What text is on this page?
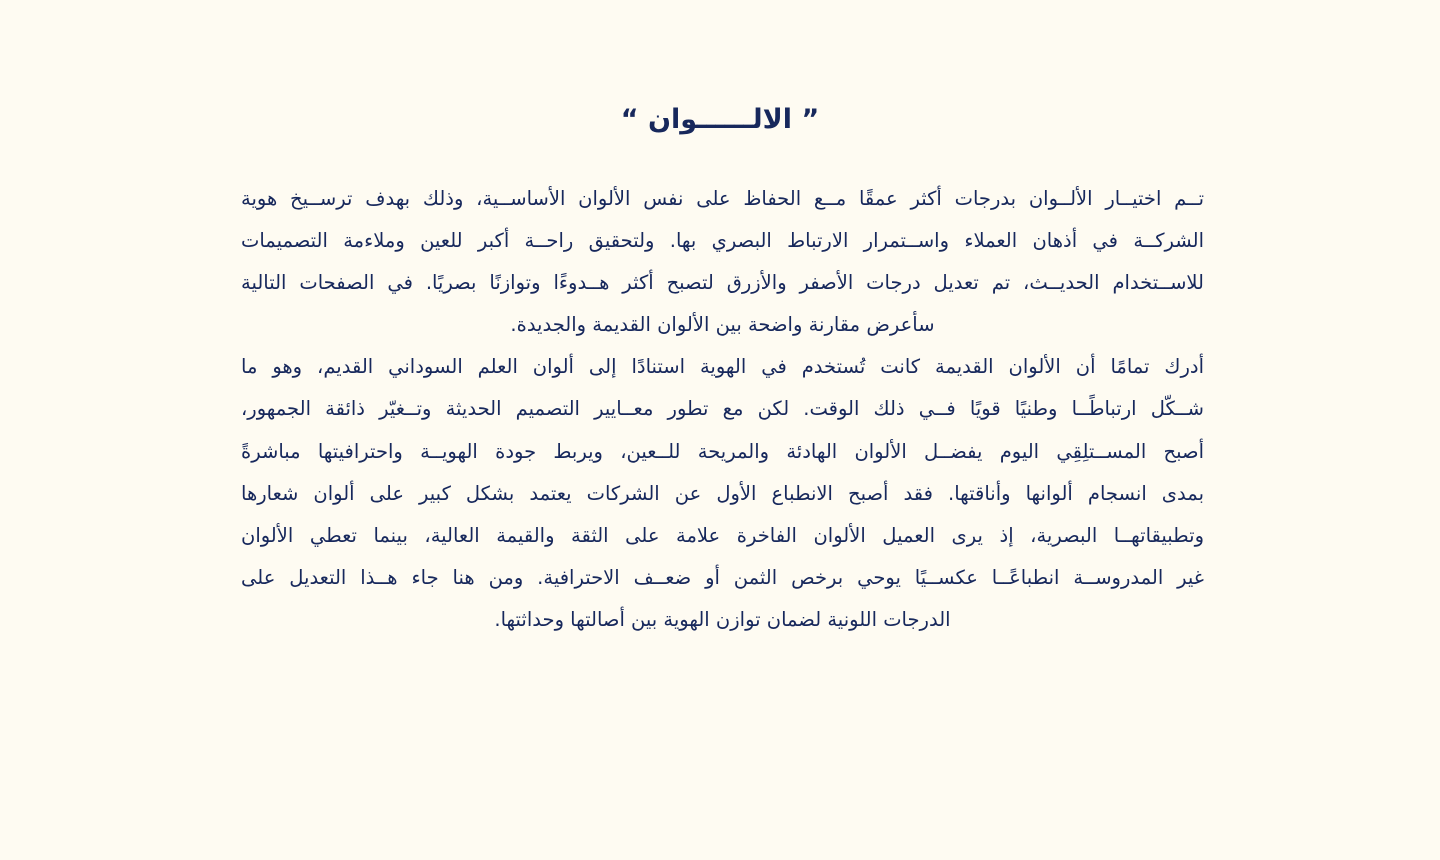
” الالــــــوان “
تــم اختيــار الألــوان بدرجات أكثر عمقًا مــع الحفاظ على نفس الألوان الأساســية، وذلك بهدف ترســيخ هوية
الشركــة في أذهان العملاء واســتمرار الارتباط البصري بها. ولتحقيق راحــة أكبر للعين وملاءمة التصميمات
للاســتخدام الحديــث، تم تعديل درجات الأصفر والأزرق لتصبح أكثر هــدوءًا وتوازنًا بصريًا. في الصفحات التالية
سأعرض مقارنة واضحة بين الألوان القديمة والجديدة.
أدرك تمامًا أن الألوان القديمة كانت تُستخدم في الهوية استنادًا إلى ألوان العلم السوداني القديم، وهو ما
شــكّل ارتباطًــا وطنيًا قويًا فــي ذلك الوقت. لكن مع تطور معــايير التصميم الحديثة وتــغيّر ذائقة الجمهور،
أصبح المســتلِقِي اليوم يفضــل الألوان الهادئة والمريحة للــعين، ويربط جودة الهويــة واحترافيتها مباشرةً
بمدى انسجام ألوانها وأناقتها. فقد أصبح الانطباع الأول عن الشركات يعتمد بشكل كبير على ألوان شعارها
وتطبيقاتهــا البصرية، إذ يرى العميل الألوان الفاخرة علامة على الثقة والقيمة العالية، بينما تعطي الألوان
غير المدروســة انطباعًــا عكســيًا يوحي برخص الثمن أو ضعــف الاحترافية. ومن هنا جاء هــذا التعديل على
الدرجات اللونية لضمان توازن الهوية بين أصالتها وحداثتها.
